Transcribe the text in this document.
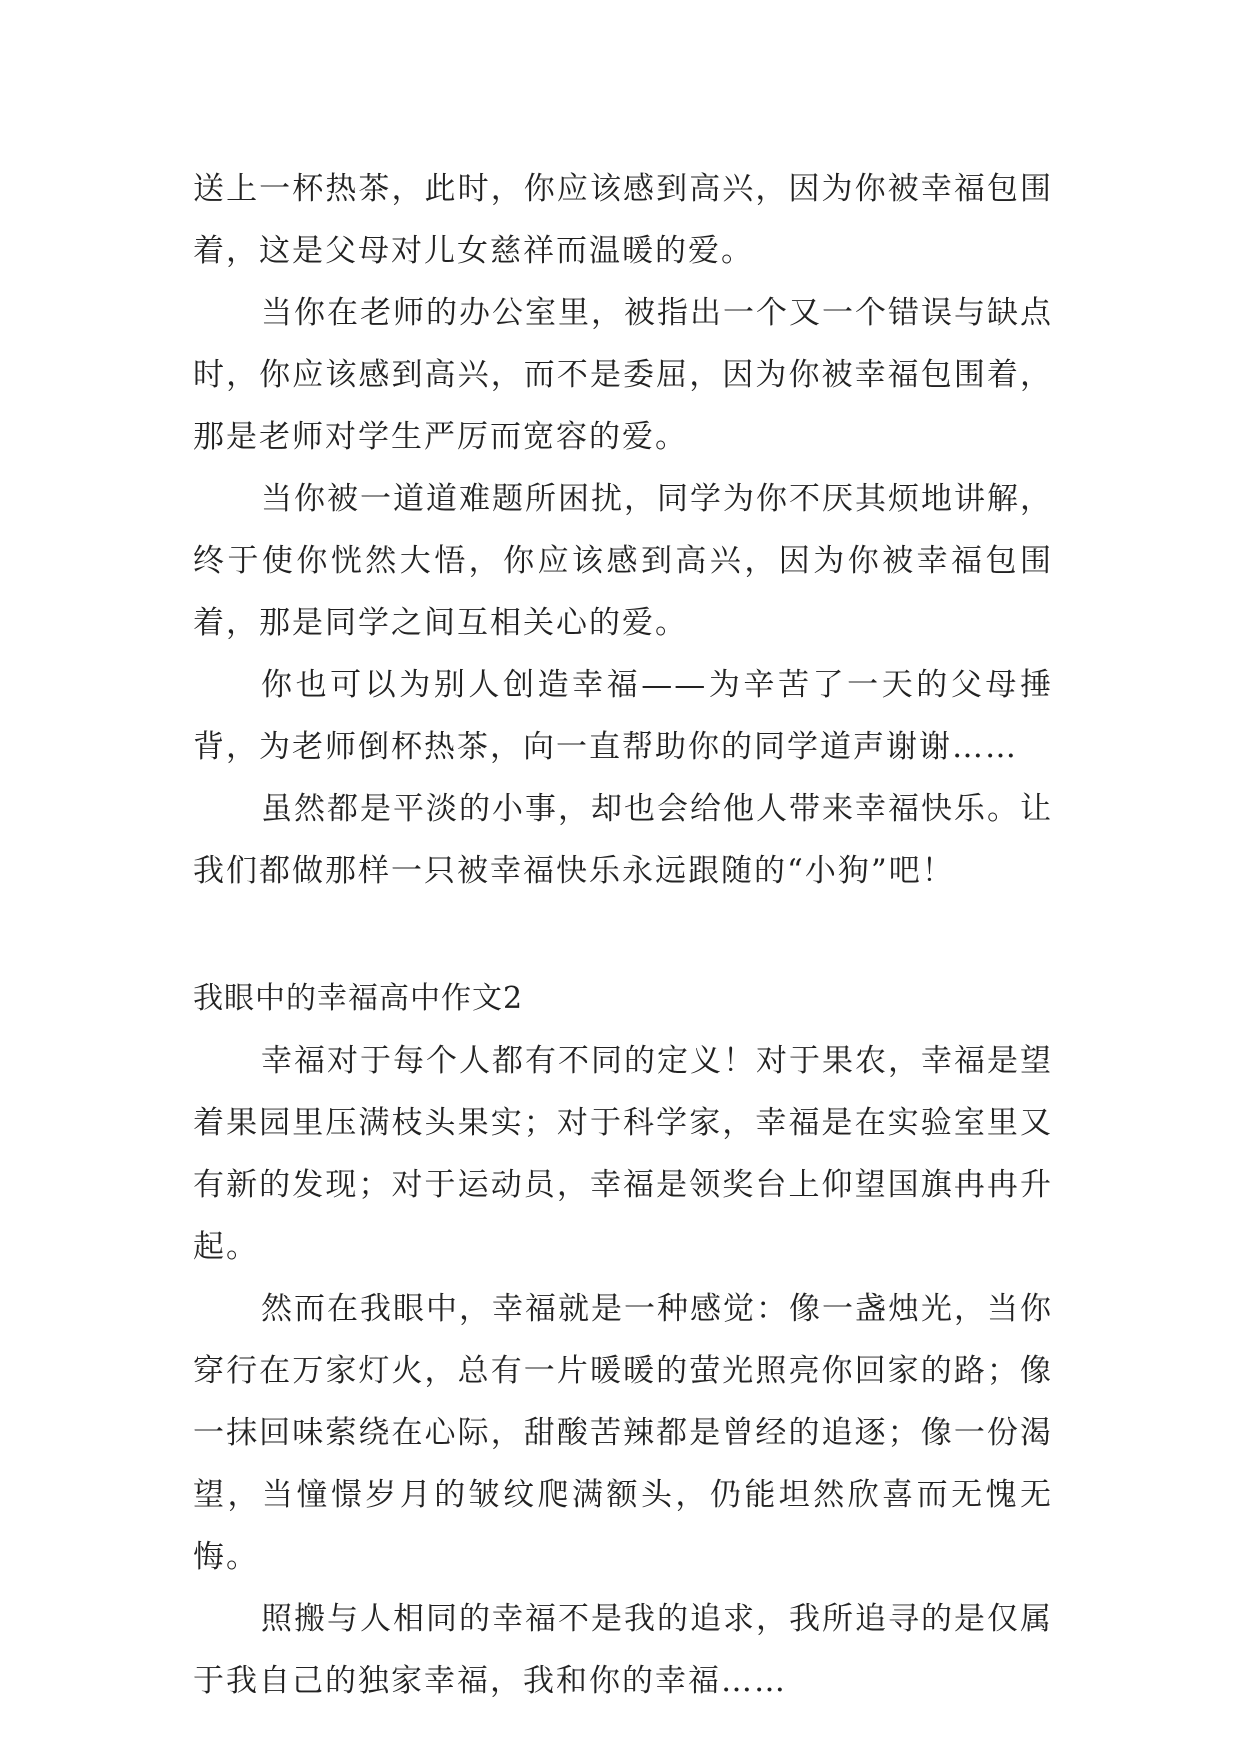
送上一杯热茶，此时，你应该感到高兴，因为你被幸福包围着，这是父母对儿女慈祥而温暖的爱。

当你在老师的办公室里，被指出一个又一个错误与缺点时，你应该感到高兴，而不是委屈，因为你被幸福包围着，那是老师对学生严厉而宽容的爱。

当你被一道道难题所困扰，同学为你不厌其烦地讲解，终于使你恍然大悟，你应该感到高兴，因为你被幸福包围着，那是同学之间互相关心的爱。

你也可以为别人创造幸福——为辛苦了一天的父母捶背，为老师倒杯热茶，向一直帮助你的同学道声谢谢……

虽然都是平淡的小事，却也会给他人带来幸福快乐。让我们都做那样一只被幸福快乐永远跟随的“小狗”吧！

我眼中的幸福高中作文2

幸福对于每个人都有不同的定义！对于果农，幸福是望着果园里压满枝头果实；对于科学家，幸福是在实验室里又有新的发现；对于运动员，幸福是领奖台上仰望国旗冉冉升起。

然而在我眼中，幸福就是一种感觉：像一盏烛光，当你穿行在万家灯火，总有一片暖暖的萤光照亮你回家的路；像一抹回味萦绕在心际，甜酸苦辣都是曾经的追逐；像一份渴望，当憧憬岁月的皱纹爬满额头，仍能坦然欣喜而无愧无悔。

照搬与人相同的幸福不是我的追求，我所追寻的是仅属于我自己的独家幸福，我和你的幸福……
